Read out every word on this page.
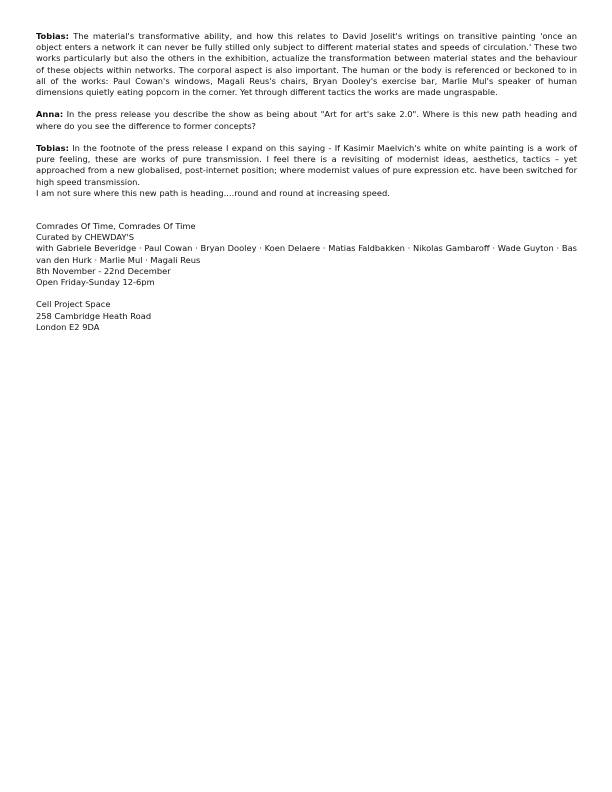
Tobias: The material's transformative ability, and how this relates to David Joselit's writings on transitive painting 'once an object enters a network it can never be fully stilled only subject to different material states and speeds of circulation.' These two works particularly but also the others in the exhibition, actualize the transformation between material states and the behaviour of these objects within networks. The corporal aspect is also important. The human or the body is referenced or beckoned to in all of the works: Paul Cowan's windows, Magali Reus's chairs, Bryan Dooley's exercise bar, Marlie Mul's speaker of human dimensions quietly eating popcorn in the corner. Yet through different tactics the works are made ungraspable.

Anna: In the press release you describe the show as being about "Art for art's sake 2.0". Where is this new path heading and where do you see the difference to former concepts?

Tobias: In the footnote of the press release I expand on this saying - If Kasimir Maelvich's white on white painting is a work of pure feeling, these are works of pure transmission. I feel there is a revisiting of modernist ideas, aesthetics, tactics – yet approached from a new globalised, post-internet position; where modernist values of pure expression etc. have been switched for high speed transmission.

I am not sure where this new path is heading....round and round at increasing speed.

Comrades Of Time, Comrades Of Time
Curated by CHEWDAY'S
with Gabriele Beveridge · Paul Cowan · Bryan Dooley · Koen Delaere · Matias Faldbakken · Nikolas Gambaroff · Wade Guyton · Bas van den Hurk · Marlie Mul · Magali Reus
8th November - 22nd December
Open Friday-Sunday 12-6pm
Cell Project Space
258 Cambridge Heath Road
London E2 9DA
